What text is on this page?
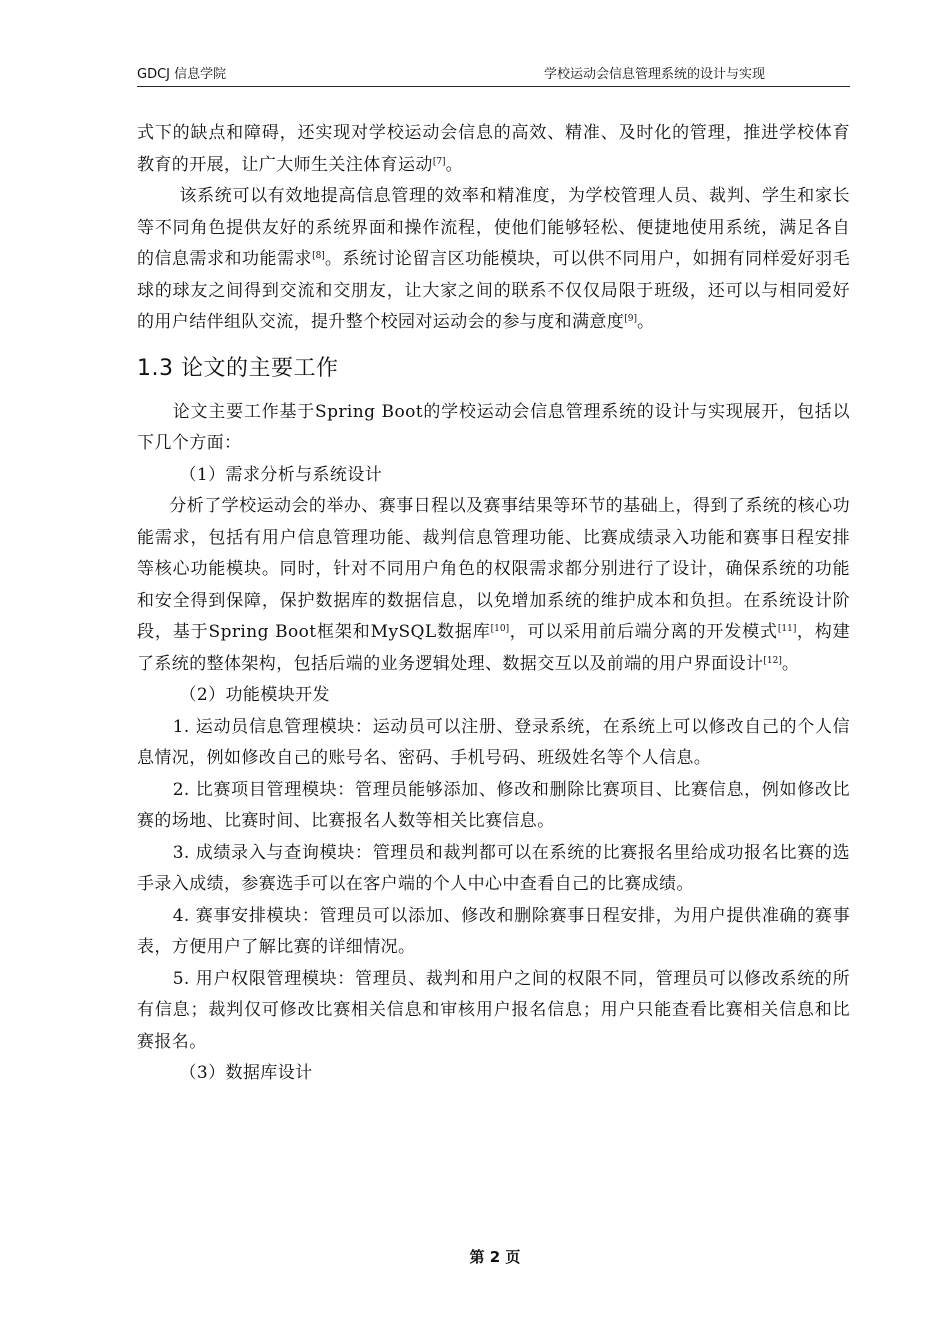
GDCJ 信息学院	学校运动会信息管理系统的设计与实现

式下的缺点和障碍，还实现对学校运动会信息的高效、精准、及时化的管理，推进学校体育教育的开展，让广大师生关注体育运动[7]。

该系统可以有效地提高信息管理的效率和精准度，为学校管理人员、裁判、学生和家长等不同角色提供友好的系统界面和操作流程，使他们能够轻松、便捷地使用系统，满足各自的信息需求和功能需求[8]。系统讨论留言区功能模块，可以供不同用户，如拥有同样爱好羽毛球的球友之间得到交流和交朋友，让大家之间的联系不仅仅局限于班级，还可以与相同爱好的用户结伴组队交流，提升整个校园对运动会的参与度和满意度[9]。

1.3 论文的主要工作

论文主要工作基于Spring Boot的学校运动会信息管理系统的设计与实现展开，包括以下几个方面：

（1）需求分析与系统设计

分析了学校运动会的举办、赛事日程以及赛事结果等环节的基础上，得到了系统的核心功能需求，包括有用户信息管理功能、裁判信息管理功能、比赛成绩录入功能和赛事日程安排等核心功能模块。同时，针对不同用户角色的权限需求都分别进行了设计，确保系统的功能和安全得到保障，保护数据库的数据信息，以免增加系统的维护成本和负担。在系统设计阶段，基于Spring Boot框架和MySQL数据库[10]，可以采用前后端分离的开发模式[11]，构建了系统的整体架构，包括后端的业务逻辑处理、数据交互以及前端的用户界面设计[12]。

（2）功能模块开发

1. 运动员信息管理模块：运动员可以注册、登录系统，在系统上可以修改自己的个人信息情况，例如修改自己的账号名、密码、手机号码、班级姓名等个人信息。

2. 比赛项目管理模块：管理员能够添加、修改和删除比赛项目、比赛信息，例如修改比赛的场地、比赛时间、比赛报名人数等相关比赛信息。

3. 成绩录入与查询模块：管理员和裁判都可以在系统的比赛报名里给成功报名比赛的选手录入成绩，参赛选手可以在客户端的个人中心中查看自己的比赛成绩。

4. 赛事安排模块：管理员可以添加、修改和删除赛事日程安排，为用户提供准确的赛事表，方便用户了解比赛的详细情况。

5. 用户权限管理模块：管理员、裁判和用户之间的权限不同，管理员可以修改系统的所有信息；裁判仅可修改比赛相关信息和审核用户报名信息；用户只能查看比赛相关信息和比赛报名。

（3）数据库设计

第 2 页
